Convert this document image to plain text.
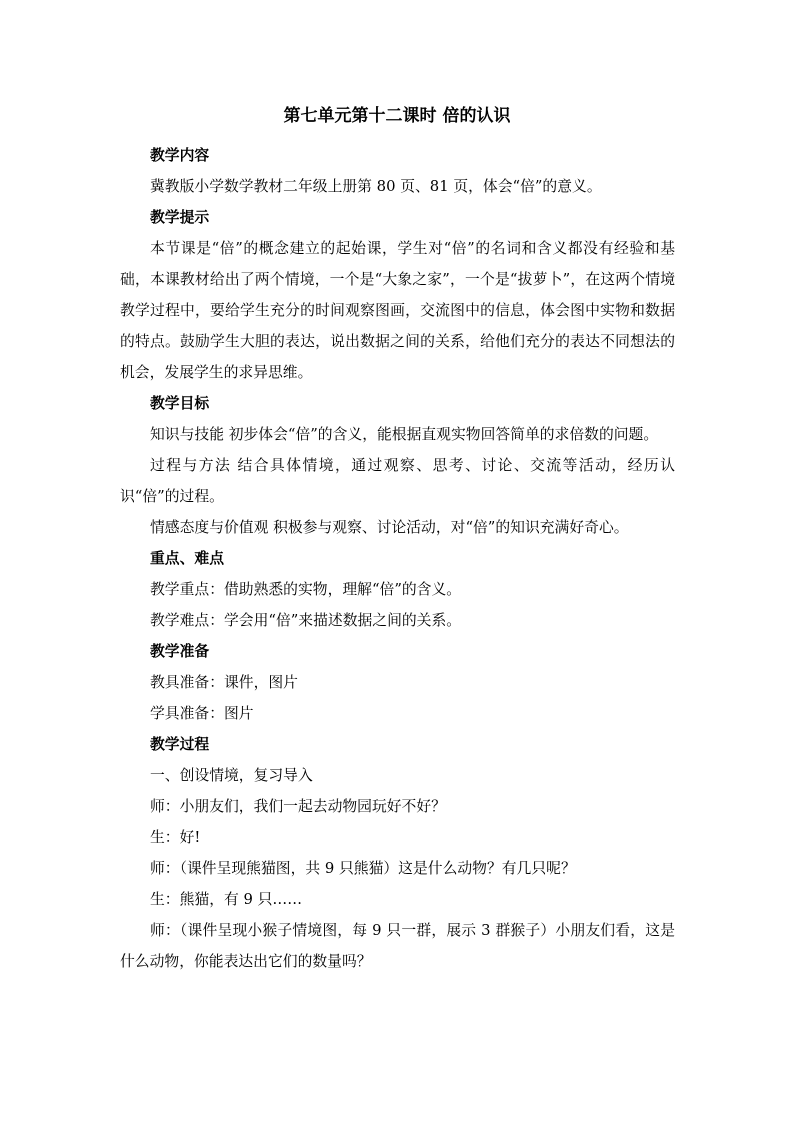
第七单元第十二课时 倍的认识
教学内容
冀教版小学数学教材二年级上册第 80 页、81 页，体会“倍”的意义。
教学提示
本节课是“倍”的概念建立的起始课，学生对“倍”的名词和含义都没有经验和基础，本课教材给出了两个情境，一个是“大象之家”，一个是“拔萝卜”，在这两个情境教学过程中，要给学生充分的时间观察图画，交流图中的信息，体会图中实物和数据的特点。鼓励学生大胆的表达，说出数据之间的关系，给他们充分的表达不同想法的机会，发展学生的求异思维。
教学目标
知识与技能 初步体会“倍”的含义，能根据直观实物回答简单的求倍数的问题。
过程与方法 结合具体情境，通过观察、思考、讨论、交流等活动，经历认识“倍”的过程。
情感态度与价值观 积极参与观察、讨论活动，对“倍”的知识充满好奇心。
重点、难点
教学重点：借助熟悉的实物，理解“倍”的含义。
教学难点：学会用“倍”来描述数据之间的关系。
教学准备
教具准备：课件，图片
学具准备：图片
教学过程
一、创设情境，复习导入
师：小朋友们，我们一起去动物园玩好不好？
生：好!
师：（课件呈现熊猫图，共 9 只熊猫）这是什么动物？有几只呢？
生：熊猫，有 9 只……
师：（课件呈现小猴子情境图，每 9 只一群，展示 3 群猴子）小朋友们看，这是什么动物，你能表达出它们的数量吗？
